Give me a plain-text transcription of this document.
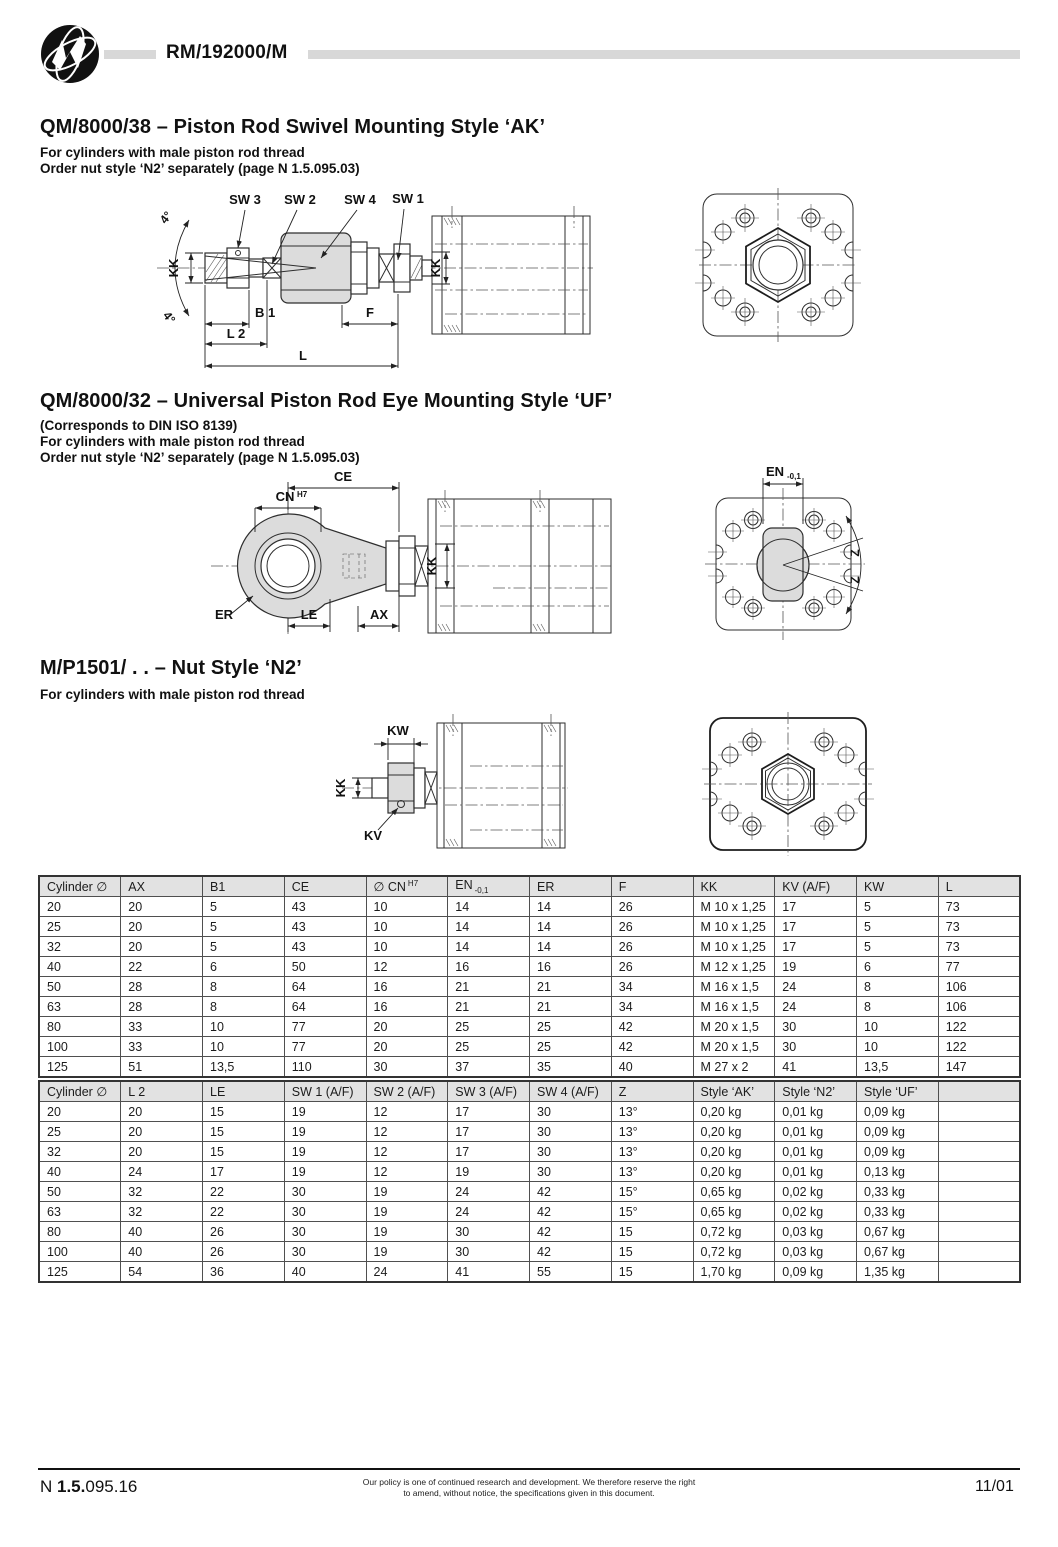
RM/192000/M
QM/8000/38 – Piston Rod Swivel Mounting Style ‘AK’
For cylinders with male piston rod thread
Order nut style ‘N2’ separately (page N 1.5.095.03)
SW 3 SW 2 SW 4 SW 1
KK	KK
4°
4°	B 1	F
L 2
L
QM/8000/32 – Universal Piston Rod Eye Mounting Style ‘UF’
(Corresponds to DIN ISO 8139)
For cylinders with male piston rod thread
Order nut style ‘N2’ separately (page N 1.5.095.03)
CE
CN H7
ER	LE	AX
KK
EN -0,1
Z
Z
M/P1501/ . . – Nut Style ‘N2’
For cylinders with male piston rod thread
KW
KK
KV
Cylinder ∅	AX	B1	CE	∅ CN $^{H7}$	EN $_{-0,1}$	ER	F	KK	KV (A/F)	KW	L
20	20	5	43	10	14	14	26	M 10 x 1,25	17	5	73
25	20	5	43	10	14	14	26	M 10 x 1,25	17	5	73
32	20	5	43	10	14	14	26	M 10 x 1,25	17	5	73
40	22	6	50	12	16	16	26	M 12 x 1,25	19	6	77
50	28	8	64	16	21	21	34	M 16 x 1,5	24	8	106
63	28	8	64	16	21	21	34	M 16 x 1,5	24	8	106
80	33	10	77	20	25	25	42	M 20 x 1,5	30	10	122
100	33	10	77	20	25	25	42	M 20 x 1,5	30	10	122
125	51	13,5	110	30	37	35	40	M 27 x 2	41	13,5	147
Cylinder ∅	L 2	LE	SW 1 (A/F)	SW 2 (A/F)	SW 3 (A/F)	SW 4 (A/F)	Z	Style ‘AK’	Style ‘N2’	Style ‘UF’	
20	20	15	19	12	17	30	13°	0,20 kg	0,01 kg	0,09 kg	
25	20	15	19	12	17	30	13°	0,20 kg	0,01 kg	0,09 kg	
32	20	15	19	12	17	30	13°	0,20 kg	0,01 kg	0,09 kg	
40	24	17	19	12	19	30	13°	0,20 kg	0,01 kg	0,13 kg	
50	32	22	30	19	24	42	15°	0,65 kg	0,02 kg	0,33 kg	
63	32	22	30	19	24	42	15°	0,65 kg	0,02 kg	0,33 kg	
80	40	26	30	19	30	42	15	0,72 kg	0,03 kg	0,67 kg	
100	40	26	30	19	30	42	15	0,72 kg	0,03 kg	0,67 kg	
125	54	36	40	24	41	55	15	1,70 kg	0,09 kg	1,35 kg	
N 1.5.095.16	Our policy is one of continued research and development. We therefore reserve the right
to amend, without notice, the specifications given in this document.	11/01
